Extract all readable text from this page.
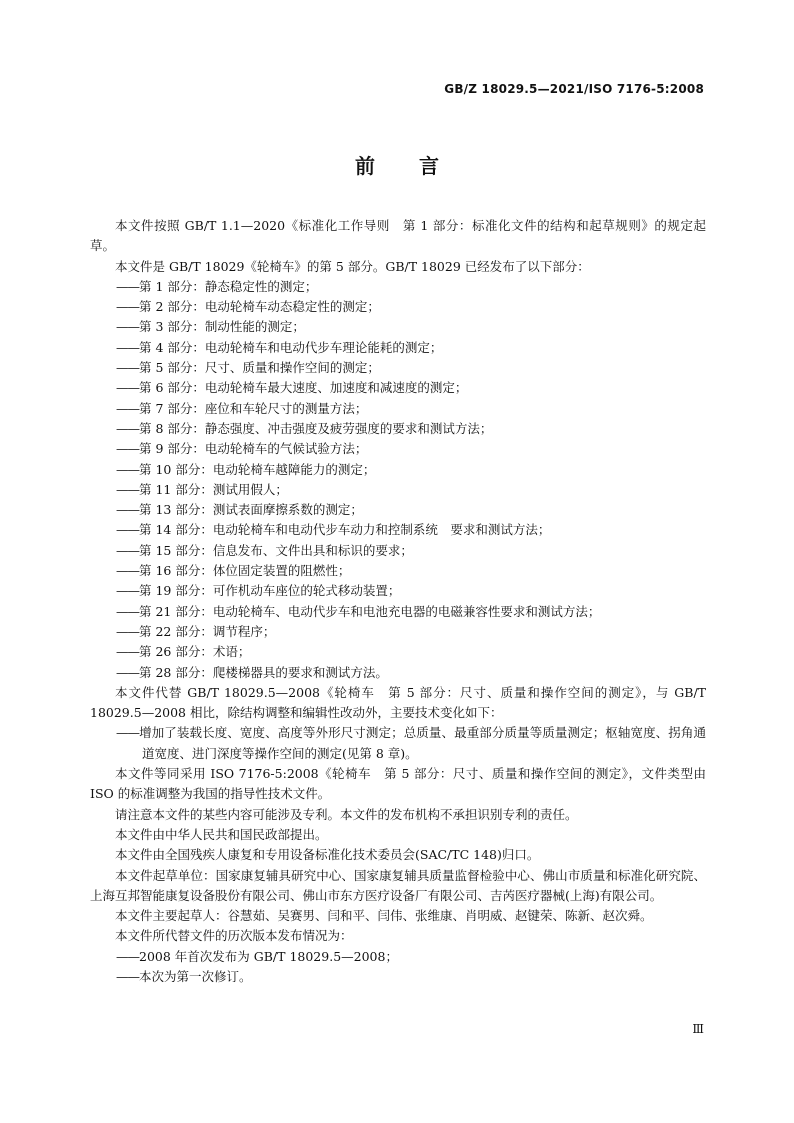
GB/Z 18029.5—2021/ISO 7176-5:2008
前 言

本文件按照 GB/T 1.1—2020《标准化工作导则　第 1 部分：标准化文件的结构和起草规则》的规定起草。

本文件是 GB/T 18029《轮椅车》的第 5 部分。GB/T 18029 已经发布了以下部分：

——第 1 部分：静态稳定性的测定；

——第 2 部分：电动轮椅车动态稳定性的测定；

——第 3 部分：制动性能的测定；

——第 4 部分：电动轮椅车和电动代步车理论能耗的测定；

——第 5 部分：尺寸、质量和操作空间的测定；

——第 6 部分：电动轮椅车最大速度、加速度和减速度的测定；

——第 7 部分：座位和车轮尺寸的测量方法；

——第 8 部分：静态强度、冲击强度及疲劳强度的要求和测试方法；

——第 9 部分：电动轮椅车的气候试验方法；

——第 10 部分：电动轮椅车越障能力的测定；

——第 11 部分：测试用假人；

——第 13 部分：测试表面摩擦系数的测定；

——第 14 部分：电动轮椅车和电动代步车动力和控制系统　要求和测试方法；

——第 15 部分：信息发布、文件出具和标识的要求；

——第 16 部分：体位固定装置的阻燃性；

——第 19 部分：可作机动车座位的轮式移动装置；

——第 21 部分：电动轮椅车、电动代步车和电池充电器的电磁兼容性要求和测试方法；

——第 22 部分：调节程序；

——第 26 部分：术语；

——第 28 部分：爬楼梯器具的要求和测试方法。

本文件代替 GB/T 18029.5—2008《轮椅车　第 5 部分：尺寸、质量和操作空间的测定》，与 GB/T 18029.5—2008 相比，除结构调整和编辑性改动外，主要技术变化如下：

——增加了装载长度、宽度、高度等外形尺寸测定；总质量、最重部分质量等质量测定；枢轴宽度、拐角通道宽度、进门深度等操作空间的测定(见第 8 章)。

本文件等同采用 ISO 7176-5:2008《轮椅车　第 5 部分：尺寸、质量和操作空间的测定》，文件类型由 ISO 的标准调整为我国的指导性技术文件。

请注意本文件的某些内容可能涉及专利。本文件的发布机构不承担识别专利的责任。

本文件由中华人民共和国民政部提出。

本文件由全国残疾人康复和专用设备标准化技术委员会(SAC/TC 148)归口。

本文件起草单位：国家康复辅具研究中心、国家康复辅具质量监督检验中心、佛山市质量和标准化研究院、上海互邦智能康复设备股份有限公司、佛山市东方医疗设备厂有限公司、吉芮医疗器械(上海)有限公司。

本文件主要起草人：谷慧茹、吴赛男、闫和平、闫伟、张维康、肖明威、赵键荣、陈新、赵次舜。

本文件所代替文件的历次版本发布情况为：

——2008 年首次发布为 GB/T 18029.5—2008；

——本次为第一次修订。

Ⅲ
